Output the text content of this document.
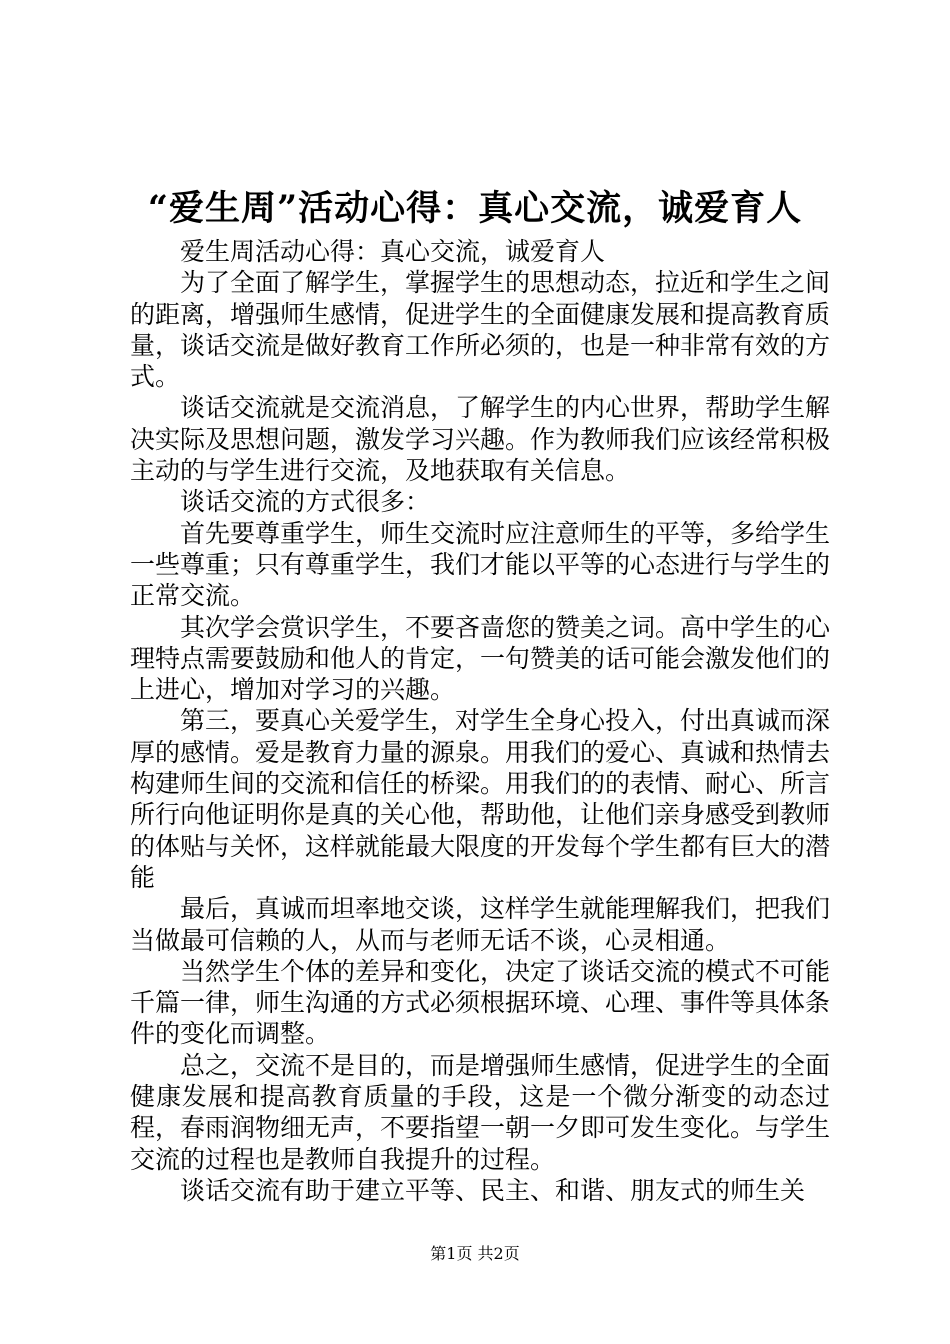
“爱生周”活动心得：真心交流，诚爱育人

爱生周活动心得：真心交流，诚爱育人

为了全面了解学生，掌握学生的思想动态，拉近和学生之间的距离，增强师生感情，促进学生的全面健康发展和提高教育质量，谈话交流是做好教育工作所必须的，也是一种非常有效的方式。

谈话交流就是交流消息，了解学生的内心世界，帮助学生解决实际及思想问题，激发学习兴趣。作为教师我们应该经常积极主动的与学生进行交流，及地获取有关信息。

谈话交流的方式很多：

首先要尊重学生，师生交流时应注意师生的平等，多给学生一些尊重；只有尊重学生，我们才能以平等的心态进行与学生的正常交流。

其次学会赏识学生，不要吝啬您的赞美之词。高中学生的心理特点需要鼓励和他人的肯定，一句赞美的话可能会激发他们的上进心，增加对学习的兴趣。

第三，要真心关爱学生，对学生全身心投入，付出真诚而深厚的感情。爱是教育力量的源泉。用我们的爱心、真诚和热情去构建师生间的交流和信任的桥梁。用我们的的表情、耐心、所言所行向他证明你是真的关心他，帮助他，让他们亲身感受到教师的体贴与关怀，这样就能最大限度的开发每个学生都有巨大的潜能

最后，真诚而坦率地交谈，这样学生就能理解我们，把我们当做最可信赖的人，从而与老师无话不谈，心灵相通。

当然学生个体的差异和变化，决定了谈话交流的模式不可能千篇一律，师生沟通的方式必须根据环境、心理、事件等具体条件的变化而调整。

总之，交流不是目的，而是增强师生感情，促进学生的全面健康发展和提高教育质量的手段，这是一个微分渐变的动态过程，春雨润物细无声，不要指望一朝一夕即可发生变化。与学生交流的过程也是教师自我提升的过程。

谈话交流有助于建立平等、民主、和谐、朋友式的师生关

第1页 共2页
